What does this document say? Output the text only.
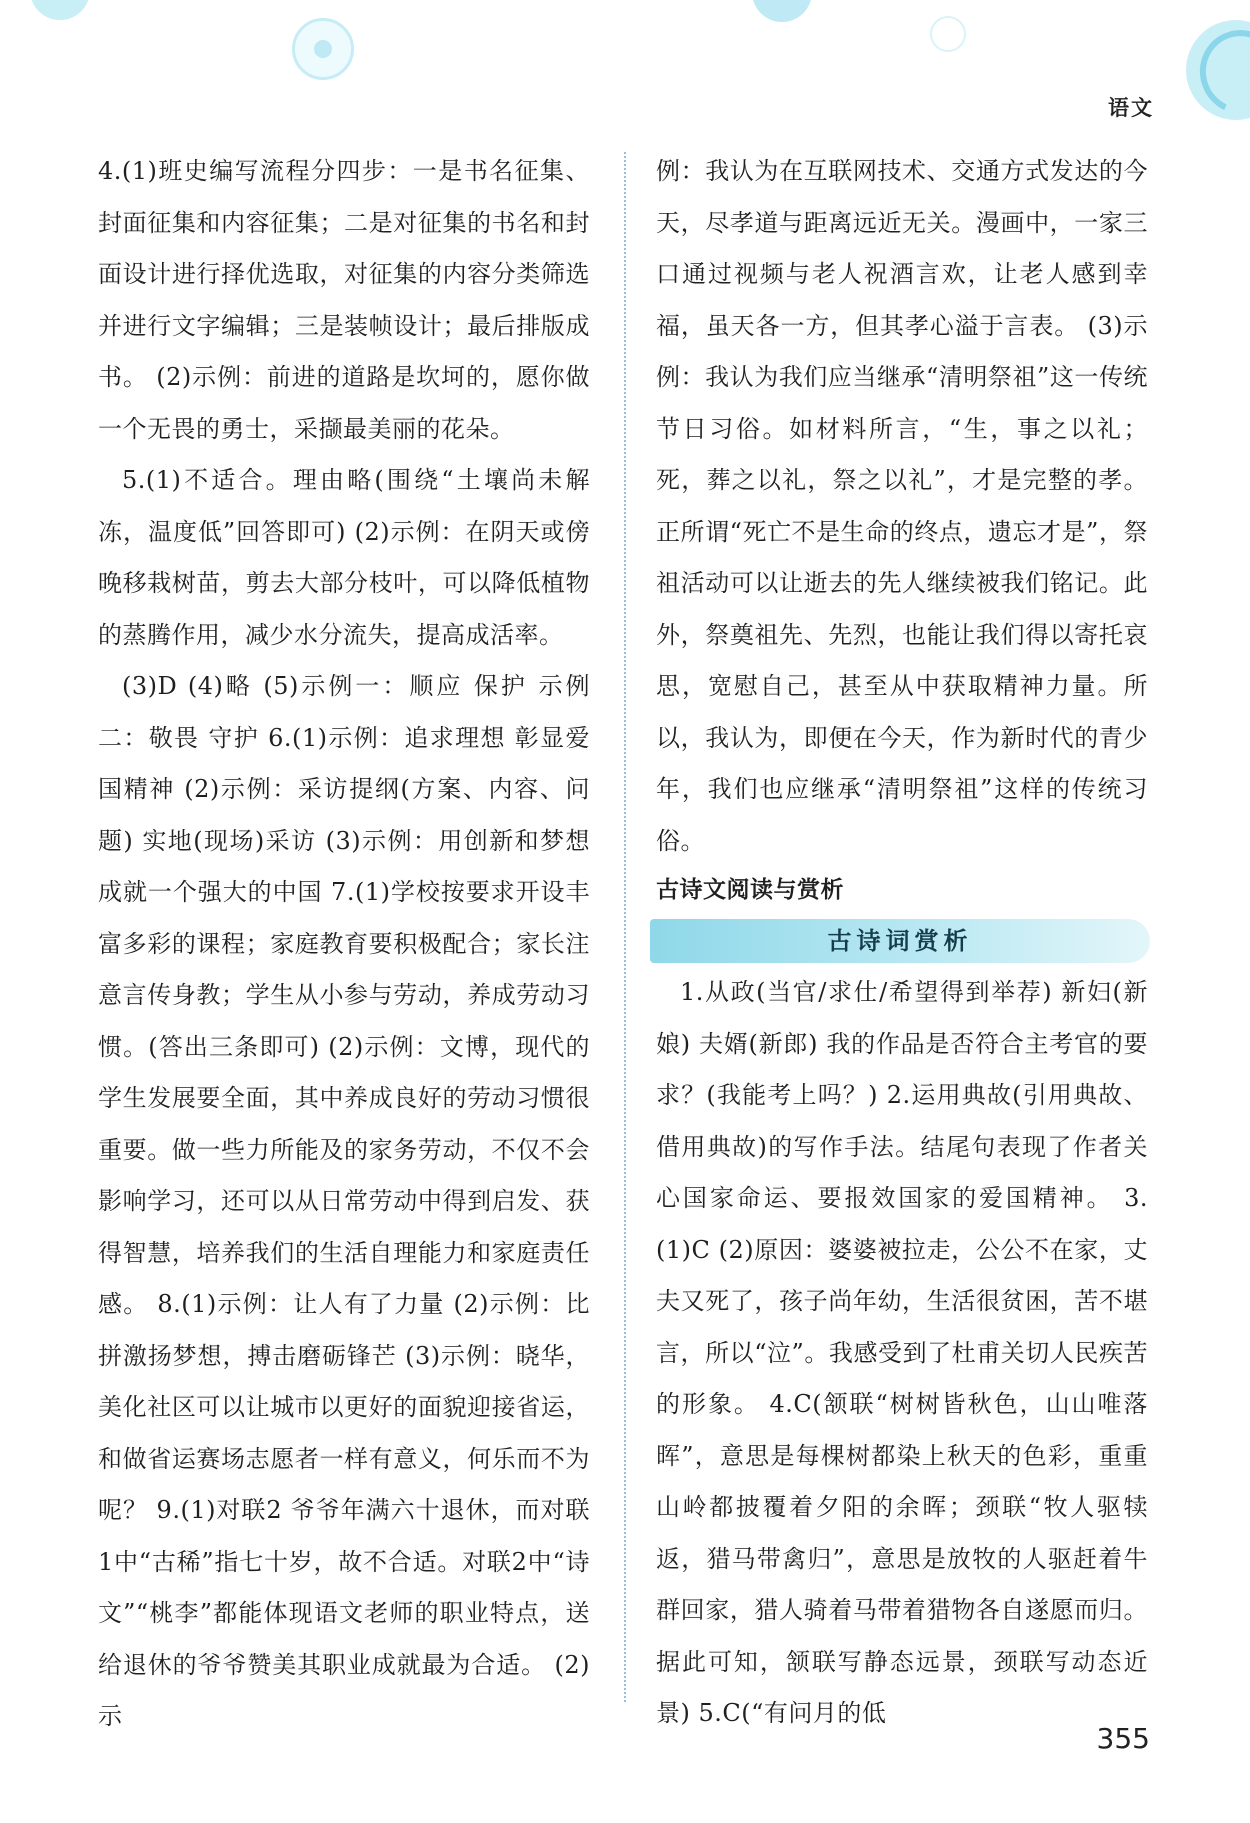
语文

4.(1)班史编写流程分四步：一是书名征集、封面征集和内容征集；二是对征集的书名和封面设计进行择优选取，对征集的内容分类筛选并进行文字编辑；三是装帧设计；最后排版成书。 (2)示例：前进的道路是坎坷的，愿你做一个无畏的勇士，采撷最美丽的花朵。

5.(1)不适合。理由略(围绕“土壤尚未解冻，温度低”回答即可) (2)示例：在阴天或傍晚移栽树苗，剪去大部分枝叶，可以降低植物的蒸腾作用，减少水分流失，提高成活率。

(3)D (4)略 (5)示例一：顺应 保护 示例二：敬畏 守护 6.(1)示例：追求理想 彰显爱国精神 (2)示例：采访提纲(方案、内容、问题) 实地(现场)采访 (3)示例：用创新和梦想成就一个强大的中国 7.(1)学校按要求开设丰富多彩的课程；家庭教育要积极配合；家长注意言传身教；学生从小参与劳动，养成劳动习惯。(答出三条即可) (2)示例：文博，现代的学生发展要全面，其中养成良好的劳动习惯很重要。做一些力所能及的家务劳动，不仅不会影响学习，还可以从日常劳动中得到启发、获得智慧，培养我们的生活自理能力和家庭责任感。 8.(1)示例：让人有了力量 (2)示例：比拼激扬梦想，搏击磨砺锋芒 (3)示例：晓华，美化社区可以让城市以更好的面貌迎接省运，和做省运赛场志愿者一样有意义，何乐而不为呢？ 9.(1)对联2 爷爷年满六十退休，而对联1中“古稀”指七十岁，故不合适。对联2中“诗文”“桃李”都能体现语文老师的职业特点，送给退休的爷爷赞美其职业成就最为合适。 (2)示

例：我认为在互联网技术、交通方式发达的今天，尽孝道与距离远近无关。漫画中，一家三口通过视频与老人祝酒言欢，让老人感到幸福，虽天各一方，但其孝心溢于言表。 (3)示例：我认为我们应当继承“清明祭祖”这一传统节日习俗。如材料所言，“生，事之以礼；死，葬之以礼，祭之以礼”，才是完整的孝。正所谓“死亡不是生命的终点，遗忘才是”，祭祖活动可以让逝去的先人继续被我们铭记。此外，祭奠祖先、先烈，也能让我们得以寄托哀思，宽慰自己，甚至从中获取精神力量。所以，我认为，即便在今天，作为新时代的青少年，我们也应继承“清明祭祖”这样的传统习俗。

古诗文阅读与赏析
古诗词赏析

1.从政(当官/求仕/希望得到举荐) 新妇(新娘) 夫婿(新郎) 我的作品是否符合主考官的要求？(我能考上吗？) 2.运用典故(引用典故、借用典故)的写作手法。结尾句表现了作者关心国家命运、要报效国家的爱国精神。 3.(1)C (2)原因：婆婆被拉走，公公不在家，丈夫又死了，孩子尚年幼，生活很贫困，苦不堪言，所以“泣”。我感受到了杜甫关切人民疾苦的形象。 4.C(颔联“树树皆秋色，山山唯落晖”，意思是每棵树都染上秋天的色彩，重重山岭都披覆着夕阳的余晖；颈联“牧人驱犊返，猎马带禽归”，意思是放牧的人驱赶着牛群回家，猎人骑着马带着猎物各自遂愿而归。据此可知，颔联写静态远景，颈联写动态近景) 5.C(“有问月的低

355
